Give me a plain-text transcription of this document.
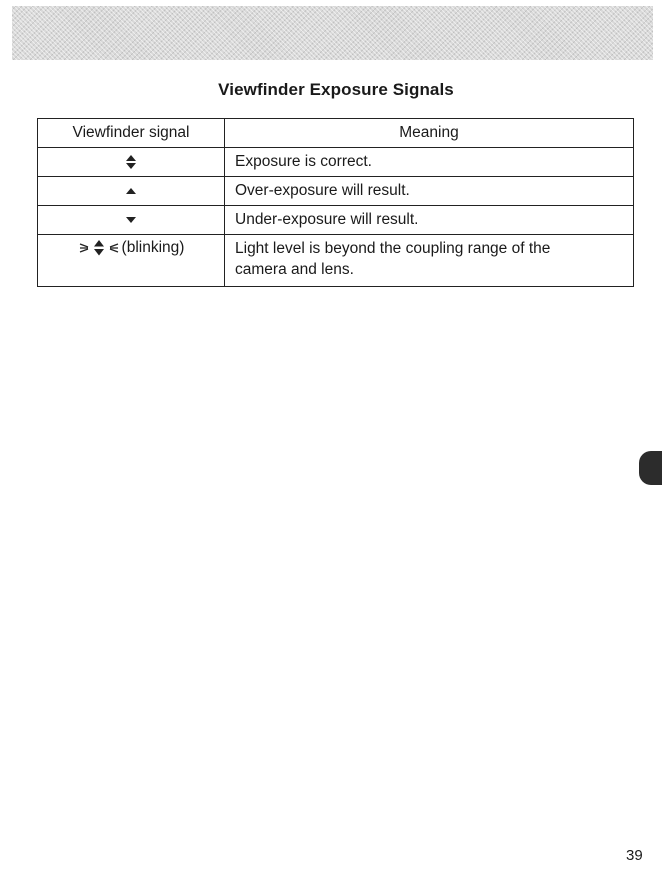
Viewfinder Exposure Signals
Viewfinder signal	Meaning
	Exposure is correct.
	Over-exposure will result.
	Under-exposure will result.

(blinking)	Light level is beyond the coupling range of the
camera and lens.
39
